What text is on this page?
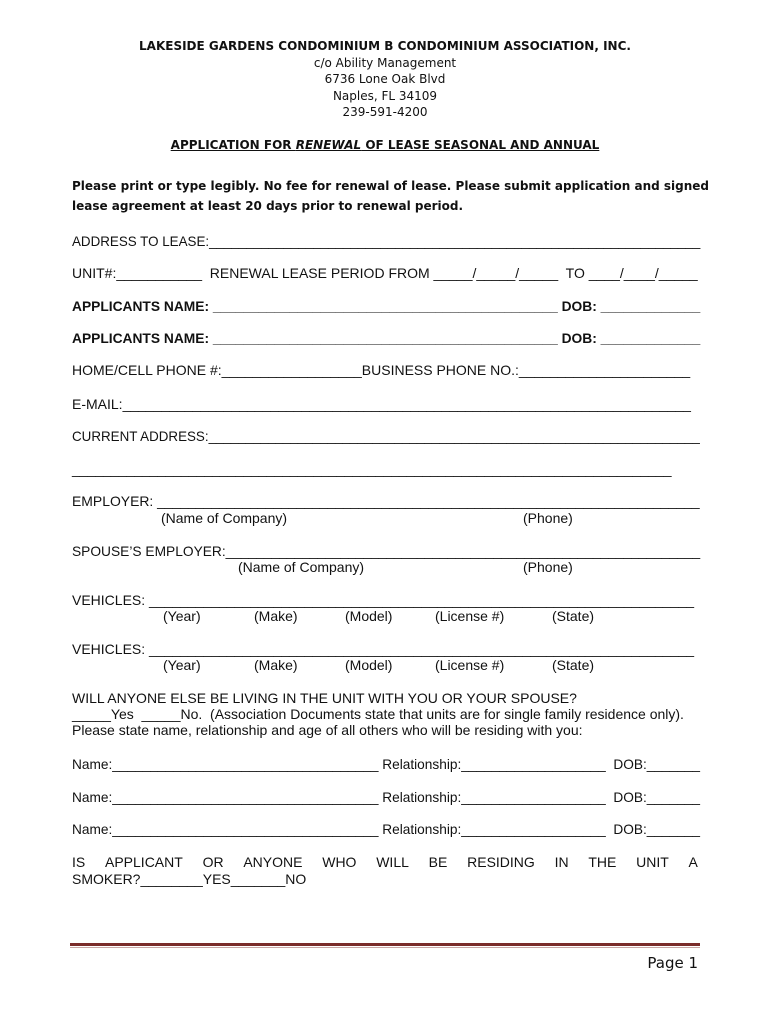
LAKESIDE GARDENS CONDOMINIUM B CONDOMINIUM ASSOCIATION, INC.
c/o Ability Management
6736 Lone Oak Blvd
Naples, FL 34109
239-591-4200
APPLICATION FOR RENEWAL OF LEASE SEASONAL AND ANNUAL
Please print or type legibly. No fee for renewal of lease. Please submit application and signed lease agreement at least 20 days prior to renewal period.
ADDRESS TO LEASE:__________________________________________________________________
UNIT#:___________  RENEWAL LEASE PERIOD FROM _____/_____/_____  TO ____/____/_____
APPLICANTS NAME: _____________________________________________ DOB: _____________
APPLICANTS NAME: _____________________________________________ DOB: _____________
HOME/CELL PHONE #:__________________BUSINESS PHONE NO.:______________________
E-MAIL:_________________________________________________________________________
CURRENT ADDRESS:__________________________________________________________________
_____________________________________________________________________________
EMPLOYER: ______________________________________________________________________
(Name of Company)	(Phone)
SPOUSE’S EMPLOYER:______________________________________________________________
(Name of Company)	(Phone)
VEHICLES: ______________________________________________________________________
(Year)	(Make)	(Model)	(License #)	(State)
VEHICLES: ______________________________________________________________________
(Year)	(Make)	(Model)	(License #)	(State)
WILL ANYONE ELSE BE LIVING IN THE UNIT WITH YOU OR YOUR SPOUSE?
_____Yes  _____No.  (Association Documents state that units are for single family residence only).
Please state name, relationship and age of all others who will be residing with you:
Name:___________________________________ Relationship:___________________  DOB:_______
Name:___________________________________ Relationship:___________________  DOB:_______
Name:___________________________________ Relationship:___________________  DOB:_______
IS APPLICANT OR ANYONE WHO WILL BE RESIDING IN THE UNIT A
SMOKER?________YES_______NO
Page 1
